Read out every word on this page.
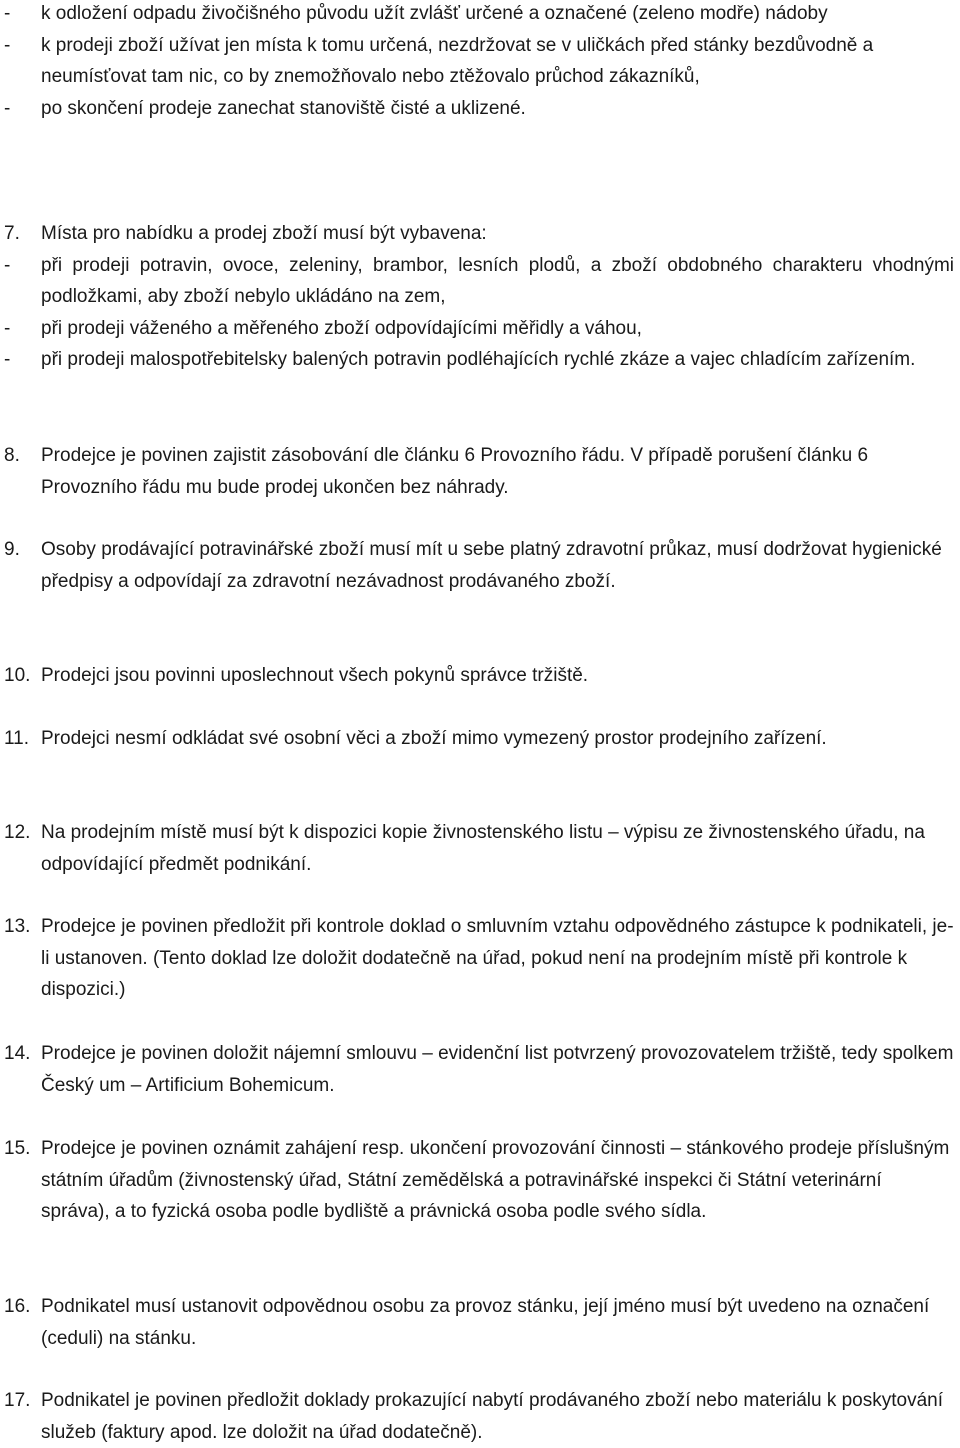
-	k odložení odpadu živočišného původu užít zvlášť určené a označené (zeleno modře) nádoby
-	k prodeji zboží užívat jen místa k tomu určená, nezdržovat se v uličkách před stánky bezdůvodně a neumísťovat tam nic, co by znemožňovalo nebo ztěžovalo průchod zákazníků,
-	po skončení prodeje zanechat stanoviště čisté a uklizené.
7.	Místa pro nabídku a prodej zboží musí být vybavena:
-	při prodeji potravin, ovoce, zeleniny, brambor, lesních plodů, a zboží obdobného charakteru vhodnými podložkami, aby zboží nebylo ukládáno na zem,
-	při prodeji váženého a měřeného zboží odpovídajícími měřidly a váhou,
-	při prodeji malospotřebitelsky balených potravin podléhajících rychlé zkáze a vajec chladícím zařízením.
8.	Prodejce je povinen zajistit zásobování dle článku 6 Provozního řádu. V případě porušení článku 6 Provozního řádu mu bude prodej ukončen bez náhrady.
9.	Osoby prodávající potravinářské zboží musí mít u sebe platný zdravotní průkaz, musí dodržovat hygienické předpisy a odpovídají za zdravotní nezávadnost prodávaného zboží.
10. Prodejci jsou povinni uposlechnout všech pokynů správce tržiště.
11. Prodejci nesmí odkládat své osobní věci a zboží mimo vymezený prostor prodejního zařízení.
12. Na prodejním místě musí být k dispozici kopie živnostenského listu – výpisu ze živnostenského úřadu, na odpovídající předmět podnikání.
13. Prodejce je povinen předložit při kontrole doklad o smluvním vztahu odpovědného zástupce k podnikateli, je-li ustanoven. (Tento doklad lze doložit dodatečně na úřad, pokud není na prodejním místě při kontrole k dispozici.)
14. Prodejce je povinen doložit nájemní smlouvu – evidenční list potvrzený provozovatelem tržiště, tedy spolkem Český um – Artificium Bohemicum.
15. Prodejce je povinen oznámit zahájení resp. ukončení provozování činnosti – stánkového prodeje příslušným státním úřadům (živnostenský úřad, Státní zemědělská a potravinářské inspekci či Státní veterinární správa), a to fyzická osoba podle bydliště a právnická osoba podle svého sídla.
16. Podnikatel musí ustanovit odpovědnou osobu za provoz stánku, její jméno musí být uvedeno na označení (ceduli) na stánku.
17. Podnikatel je povinen předložit doklady prokazující nabytí prodávaného zboží nebo materiálu k poskytování služeb (faktury apod. lze doložit na úřad dodatečně).
